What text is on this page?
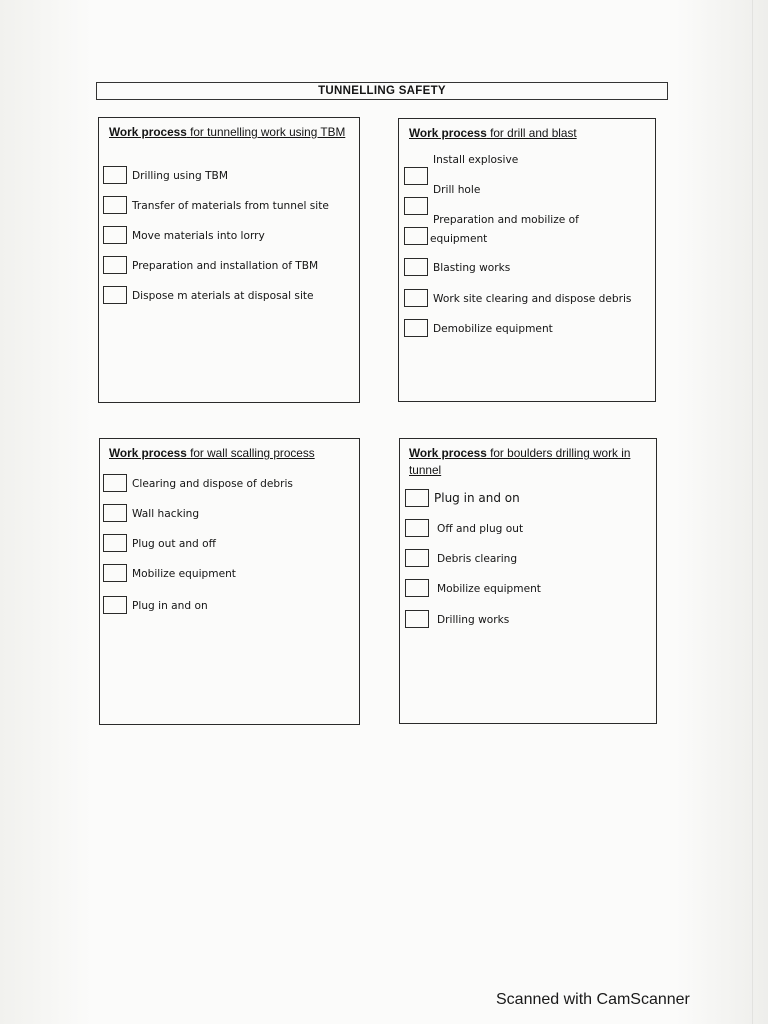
TUNNELLING SAFETY
Work process for tunnelling work using TBM
Drilling using TBM
Transfer of materials from tunnel site
Move materials into lorry
Preparation and installation of TBM
Dispose m aterials at disposal site
Work process for drill and blast
Install explosive
Drill hole
Preparation and mobilize of
equipment
Blasting works
Work site clearing and dispose debris
Demobilize equipment
Work process for wall scalling process
Clearing and dispose of debris
Wall hacking
Plug out and off
Mobilize equipment
Plug in and on
Work process for boulders drilling work in tunnel
Plug in and on
Off and plug out
Debris clearing
Mobilize equipment
Drilling works
Scanned with CamScanner
